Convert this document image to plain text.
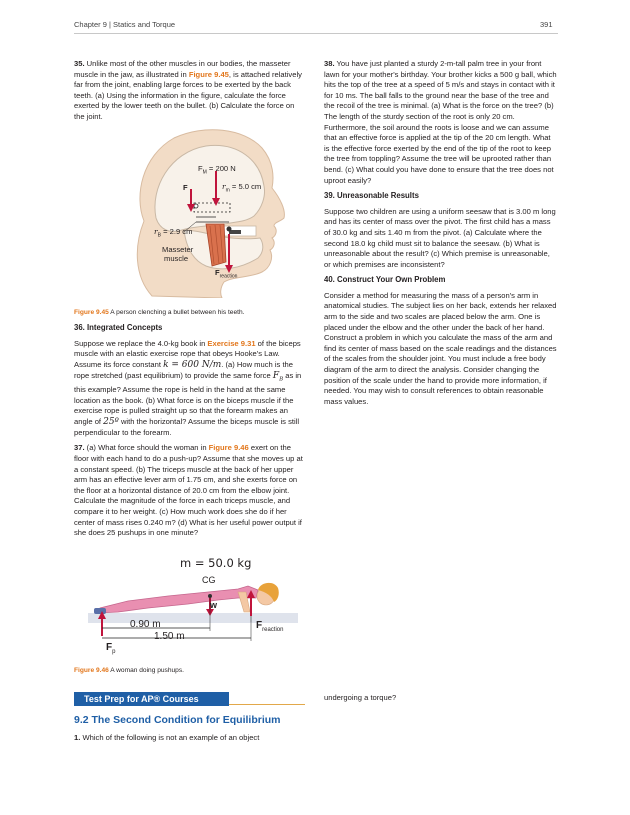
Chapter 9 | Statics and Torque	391

35. Unlike most of the other muscles in our bodies, the masseter muscle in the jaw, as illustrated in Figure 9.45, is attached relatively far from the joint, enabling large forces to be exerted by the back teeth. (a) Using the information in the figure, calculate the force exerted by the lower teeth on the bullet. (b) Calculate the force on the joint.

$F_M = 200$ N
F	$r_m = 5.0$ cm
$r_B = 2.9$ cm
Masseter
muscle
$F_{reaction}$
Figure 9.45 A person clenching a bullet between his teeth.
36. Integrated Concepts

Suppose we replace the 4.0-kg book in Exercise 9.31 of the biceps muscle with an elastic exercise rope that obeys Hooke's Law. Assume its force constant k = 600 N/m. (a) How much is the rope stretched (past equilibrium) to provide the same force $F_B$ as in this example? Assume the rope is held in the hand at the same location as the book. (b) What force is on the biceps muscle if the exercise rope is pulled straight up so that the forearm makes an angle of 25º with the horizontal? Assume the biceps muscle is still perpendicular to the forearm.

37. (a) What force should the woman in Figure 9.46 exert on the floor with each hand to do a push-up? Assume that she moves up at a constant speed. (b) The triceps muscle at the back of her upper arm has an effective lever arm of 1.75 cm, and she exerts force on the floor at a horizontal distance of 20.0 cm from the elbow joint. Calculate the magnitude of the force in each triceps muscle, and compare it to her weight. (c) How much work does she do if her center of mass rises 0.240 m? (d) What is her useful power output if she does 25 pushups in one minute?

m = 50.0 kg
CG
w
0.90 m
1.50 m
$F_{reaction}$
$F_p$
Figure 9.46 A woman doing pushups.
Test Prep for AP® Courses
9.2 The Second Condition for Equilibrium
1. Which of the following is not an example of an object

38. You have just planted a sturdy 2-m-tall palm tree in your front lawn for your mother's birthday. Your brother kicks a 500 g ball, which hits the top of the tree at a speed of 5 m/s and stays in contact with it for 10 ms. The ball falls to the ground near the base of the tree and the recoil of the tree is minimal. (a) What is the force on the tree? (b) The length of the sturdy section of the root is only 20 cm. Furthermore, the soil around the roots is loose and we can assume that an effective force is applied at the tip of the 20 cm length. What is the effective force exerted by the end of the tip of the root to keep the tree from toppling? Assume the tree will be uprooted rather than bend. (c) What could you have done to ensure that the tree does not uproot easily?

39. Unreasonable Results

Suppose two children are using a uniform seesaw that is 3.00 m long and has its center of mass over the pivot. The first child has a mass of 30.0 kg and sits 1.40 m from the pivot. (a) Calculate where the second 18.0 kg child must sit to balance the seesaw. (b) What is unreasonable about the result? (c) Which premise is unreasonable, or which premises are inconsistent?

40. Construct Your Own Problem

Consider a method for measuring the mass of a person's arm in anatomical studies. The subject lies on her back, extends her relaxed arm to the side and two scales are placed below the arm. One is placed under the elbow and the other under the back of her hand. Construct a problem in which you calculate the mass of the arm and find its center of mass based on the scale readings and the distances of the scales from the shoulder joint. You must include a free body diagram of the arm to direct the analysis. Consider changing the position of the scale under the hand to provide more information, if needed. You may wish to consult references to obtain reasonable mass values.

undergoing a torque?
